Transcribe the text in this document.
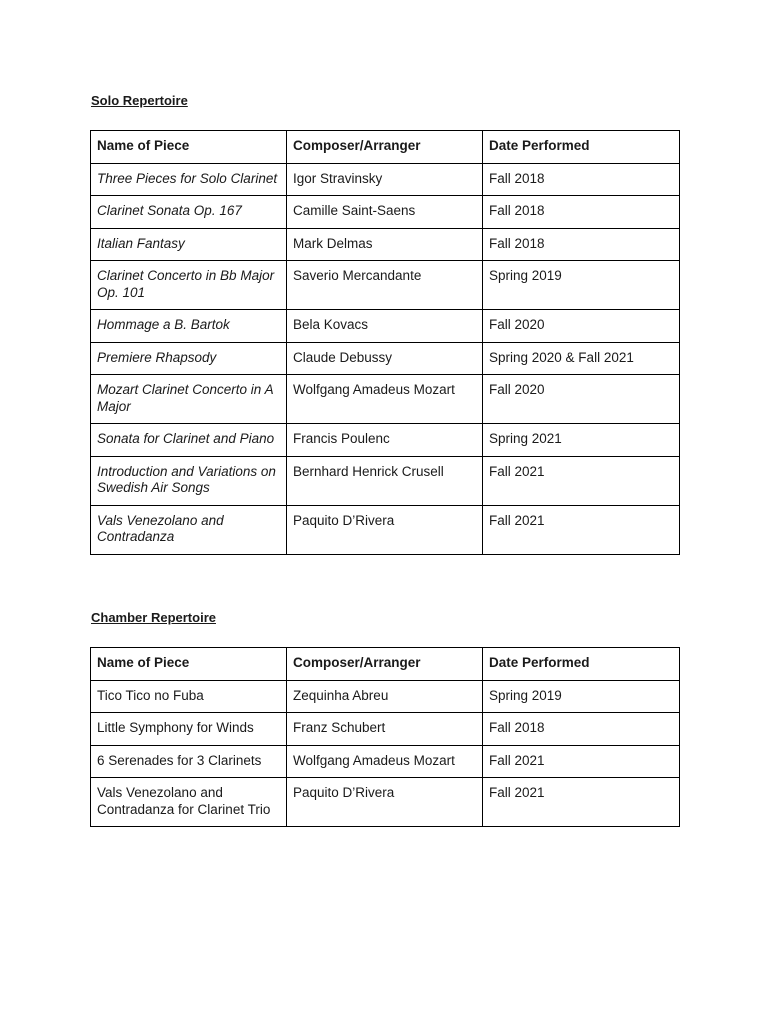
Solo Repertoire
Name of Piece	Composer/Arranger	Date Performed
Three Pieces for Solo Clarinet	Igor Stravinsky	Fall 2018
Clarinet Sonata Op. 167	Camille Saint-Saens	Fall 2018
Italian Fantasy	Mark Delmas	Fall 2018
Clarinet Concerto in Bb Major Op. 101	Saverio Mercandante	Spring 2019
Hommage a B. Bartok	Bela Kovacs	Fall 2020
Premiere Rhapsody	Claude Debussy	Spring 2020 & Fall 2021
Mozart Clarinet Concerto in A Major	Wolfgang Amadeus Mozart	Fall 2020
Sonata for Clarinet and Piano	Francis Poulenc	Spring 2021
Introduction and Variations on Swedish Air Songs	Bernhard Henrick Crusell	Fall 2021
Vals Venezolano and Contradanza	Paquito D’Rivera	Fall 2021
Chamber Repertoire
Name of Piece	Composer/Arranger	Date Performed
Tico Tico no Fuba	Zequinha Abreu	Spring 2019
Little Symphony for Winds	Franz Schubert	Fall 2018
6 Serenades for 3 Clarinets	Wolfgang Amadeus Mozart	Fall 2021
Vals Venezolano and Contradanza for Clarinet Trio	Paquito D’Rivera	Fall 2021
